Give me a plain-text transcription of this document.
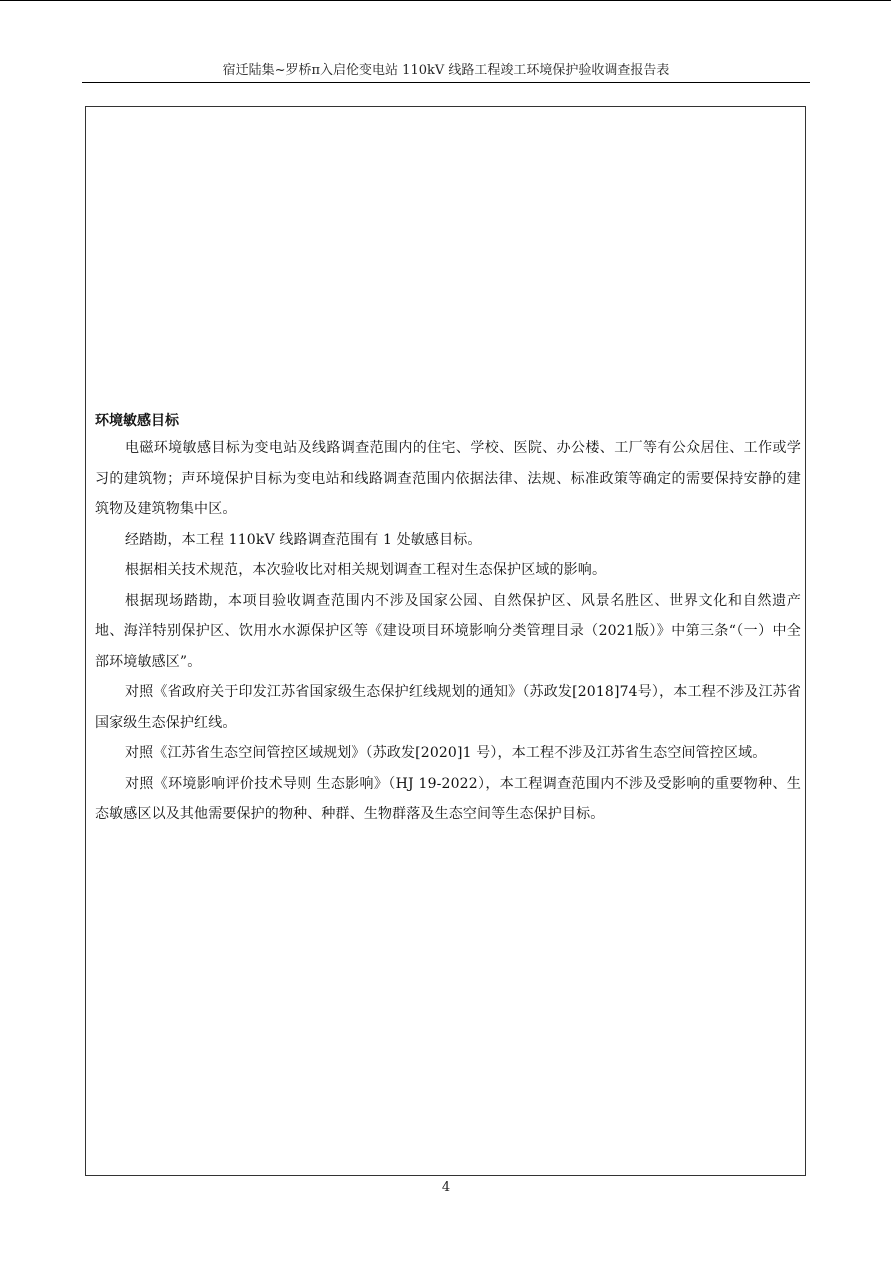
宿迁陆集~罗桥π入启伦变电站 110kV 线路工程竣工环境保护验收调查报告表
环境敏感目标

电磁环境敏感目标为变电站及线路调查范围内的住宅、学校、医院、办公楼、工厂等有公众居住、工作或学习的建筑物；声环境保护目标为变电站和线路调查范围内依据法律、法规、标准政策等确定的需要保持安静的建筑物及建筑物集中区。

经踏勘，本工程 110kV 线路调查范围有 1 处敏感目标。

根据相关技术规范，本次验收比对相关规划调查工程对生态保护区域的影响。

根据现场踏勘，本项目验收调查范围内不涉及国家公园、自然保护区、风景名胜区、世界文化和自然遗产地、海洋特别保护区、饮用水水源保护区等《建设项目环境影响分类管理目录（2021版）》中第三条“（一）中全部环境敏感区”。

对照《省政府关于印发江苏省国家级生态保护红线规划的通知》（苏政发[2018]74号），本工程不涉及江苏省国家级生态保护红线。

对照《江苏省生态空间管控区域规划》（苏政发[2020]1 号），本工程不涉及江苏省生态空间管控区域。

对照《环境影响评价技术导则 生态影响》（HJ 19-2022），本工程调查范围内不涉及受影响的重要物种、生态敏感区以及其他需要保护的物种、种群、生物群落及生态空间等生态保护目标。

4
